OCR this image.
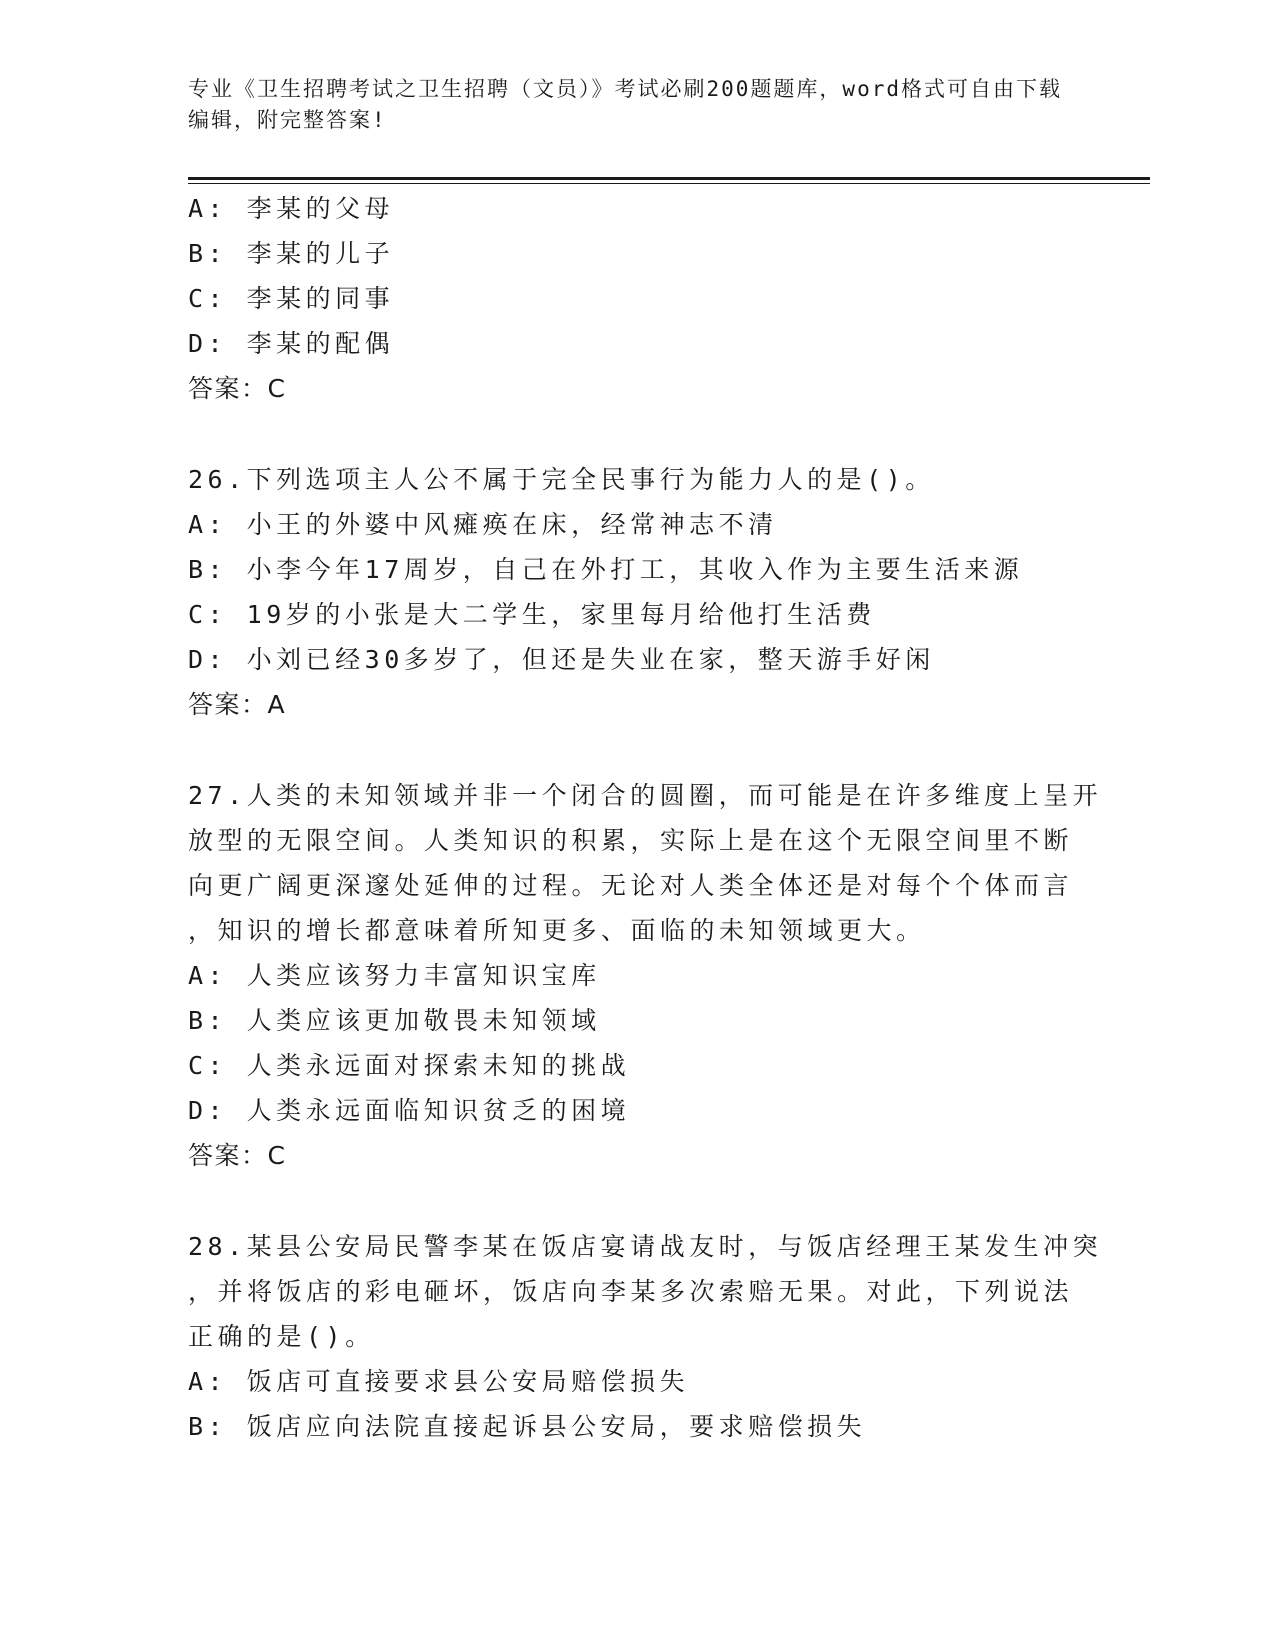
专业《卫生招聘考试之卫生招聘（文员）》考试必刷200题题库，word格式可自由下载编辑，附完整答案!
A: 李某的父母
B: 李某的儿子
C: 李某的同事
D: 李某的配偶
答案：C
26.下列选项主人公不属于完全民事行为能力人的是()。
A: 小王的外婆中风瘫痪在床，经常神志不清
B: 小李今年17周岁，自己在外打工，其收入作为主要生活来源
C: 19岁的小张是大二学生，家里每月给他打生活费
D: 小刘已经30多岁了，但还是失业在家，整天游手好闲
答案：A
27.人类的未知领域并非一个闭合的圆圈，而可能是在许多维度上呈开
放型的无限空间。人类知识的积累，实际上是在这个无限空间里不断
向更广阔更深邃处延伸的过程。无论对人类全体还是对每个个体而言
，知识的增长都意味着所知更多、面临的未知领域更大。
A: 人类应该努力丰富知识宝库
B: 人类应该更加敬畏未知领域
C: 人类永远面对探索未知的挑战
D: 人类永远面临知识贫乏的困境
答案：C
28.某县公安局民警李某在饭店宴请战友时，与饭店经理王某发生冲突
，并将饭店的彩电砸坏，饭店向李某多次索赔无果。对此，下列说法
正确的是()。
A: 饭店可直接要求县公安局赔偿损失
B: 饭店应向法院直接起诉县公安局，要求赔偿损失
